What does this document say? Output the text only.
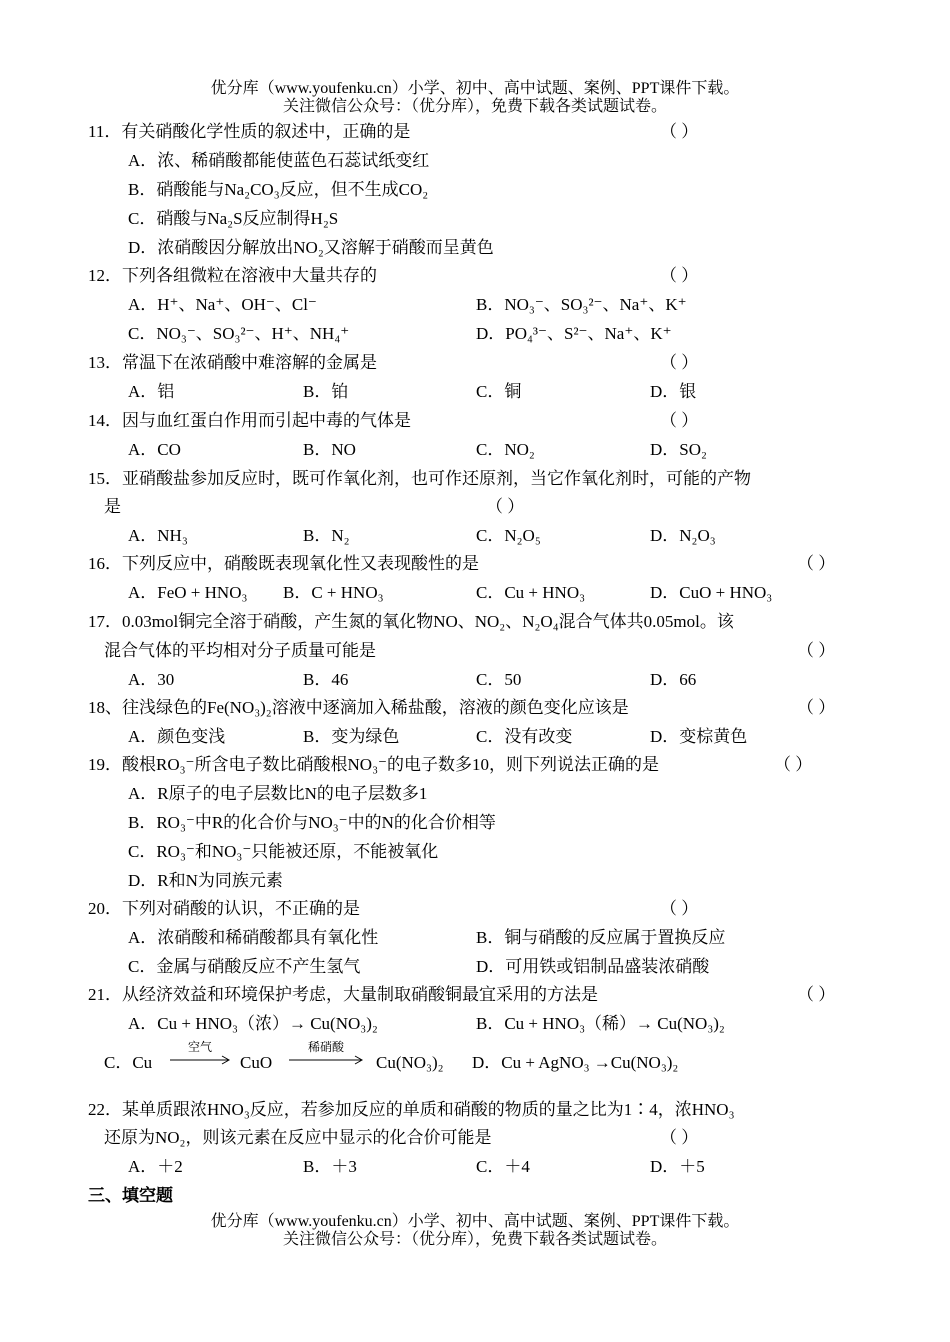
优分库（www.youfenku.cn）小学、初中、高中试题、案例、PPT课件下载。
关注微信公众号：（优分库），免费下载各类试题试卷。
11．有关硝酸化学性质的叙述中，正确的是	（ ）
A．浓、稀硝酸都能使蓝色石蕊试纸变红
B．硝酸能与Na₂CO₃反应，但不生成CO₂
C．硝酸与Na₂S反应制得H₂S
D．浓硝酸因分解放出NO₂又溶解于硝酸而呈黄色
12．下列各组微粒在溶液中大量共存的	（ ）
A．H⁺、Na⁺、OH⁻、Cl⁻	B．NO₃⁻、SO₃²⁻、Na⁺、K⁺
C．NO₃⁻、SO₃²⁻、H⁺、NH₄⁺	D．PO₄³⁻、S²⁻、Na⁺、K⁺
13．常温下在浓硝酸中难溶解的金属是	（ ）
A．铝	B．铂	C．铜	D．银
14．因与血红蛋白作用而引起中毒的气体是	（ ）
A．CO	B．NO	C．NO₂	D．SO₂
15．亚硝酸盐参加反应时，既可作氧化剂，也可作还原剂，当它作氧化剂时，可能的产物
是	（ ）
A．NH₃	B．N₂	C．N₂O₅	D．N₂O₃
16．下列反应中，硝酸既表现氧化性又表现酸性的是	（ ）
A．FeO + HNO₃ B．C + HNO₃	C．Cu + HNO₃	D．CuO + HNO₃
17．0.03mol铜完全溶于硝酸，产生氮的氧化物NO、NO₂、N₂O₄混合气体共0.05mol。该
混合气体的平均相对分子质量可能是	（ ）
A．30	B．46	C．50	D．66
18、往浅绿色的Fe(NO₃)₂溶液中逐滴加入稀盐酸，溶液的颜色变化应该是	（ ）
A．颜色变浅	B．变为绿色	C．没有改变	D．变棕黄色
19．酸根RO₃⁻所含电子数比硝酸根NO₃⁻的电子数多10，则下列说法正确的是	（ ）
A．R原子的电子层数比N的电子层数多1
B．RO₃⁻中R的化合价与NO₃⁻中的N的化合价相等
C．RO₃⁻和NO₃⁻只能被还原，不能被氧化
D．R和N为同族元素
20．下列对硝酸的认识，不正确的是	（ ）
A．浓硝酸和稀硝酸都具有氧化性	B．铜与硝酸的反应属于置换反应
C．金属与硝酸反应不产生氢气	D．可用铁或铝制品盛装浓硝酸
21．从经济效益和环境保护考虑，大量制取硝酸铜最宜采用的方法是	（ ）
A．Cu + HNO₃（浓）→ Cu(NO₃)₂	B．Cu + HNO₃（稀）→ Cu(NO₃)₂
C．Cu
空气
→ CuO
稀硝酸
Cu(NO₃)₂ D．Cu + AgNO₃ →Cu(NO₃)₂
22．某单质跟浓HNO₃反应，若参加反应的单质和硝酸的物质的量之比为1∶4，浓HNO₃
还原为NO₂，则该元素在反应中显示的化合价可能是	（ ）
A．＋2	B．＋3	C．＋4	D．＋5
三、填空题
优分库（www.youfenku.cn）小学、初中、高中试题、案例、PPT课件下载。
关注微信公众号：（优分库），免费下载各类试题试卷。
